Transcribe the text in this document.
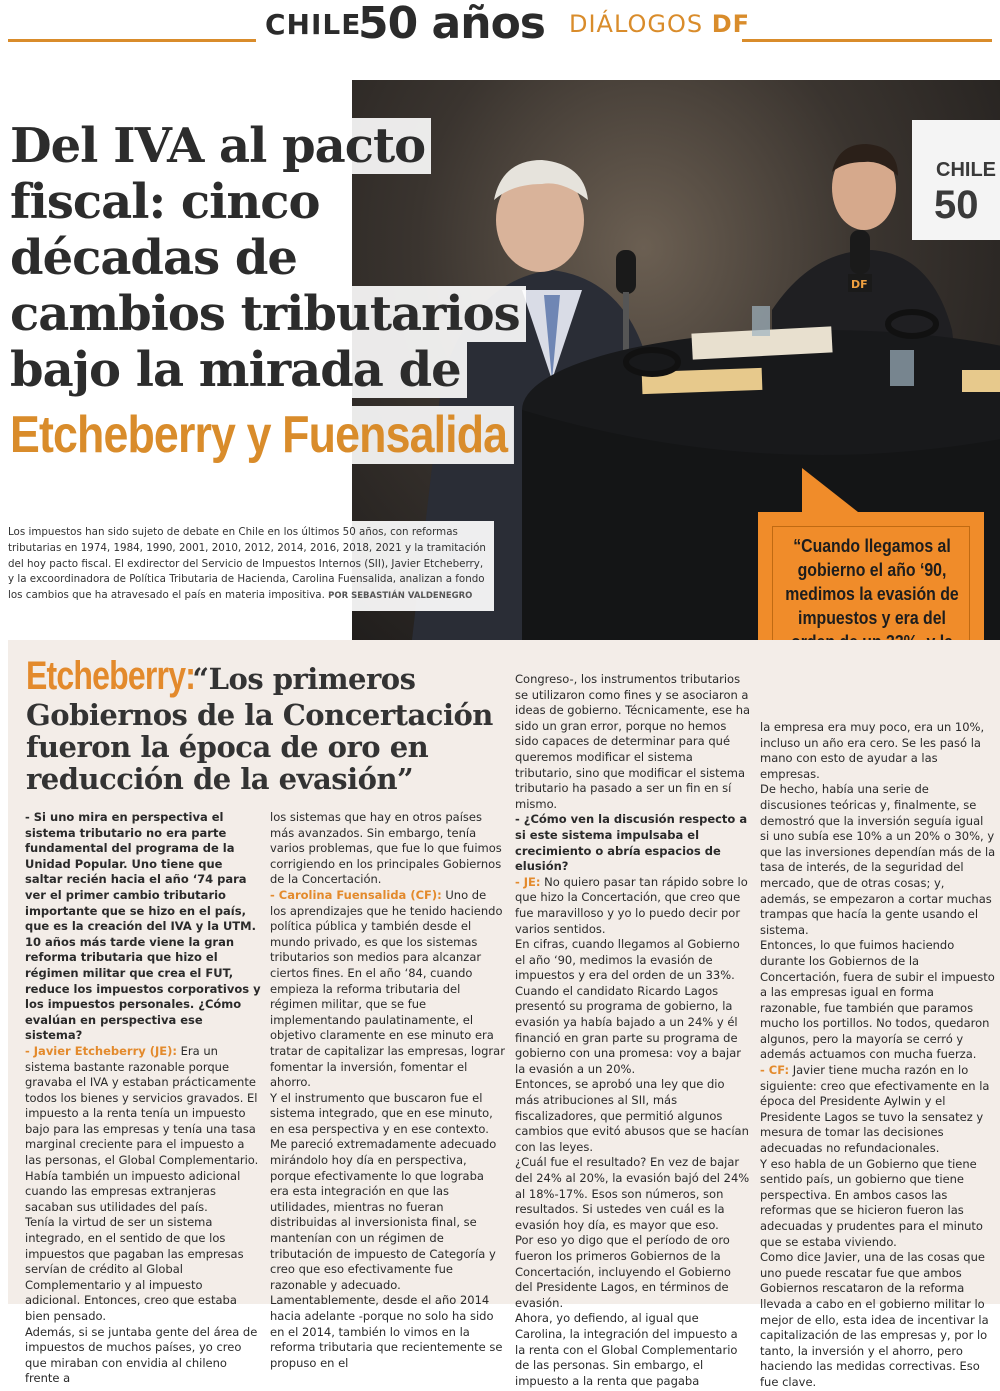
CHILE
50 años DIÁLOGOS DF
CHILE
50
DF
Del IVA al pacto
fiscal: cinco
décadas de
cambios tributarios
bajo la mirada de
Etcheberry y Fuensalida
Los impuestos han sido sujeto de debate en Chile en los últimos 50 años, con reformas tributarias en 1974, 1984, 1990, 2001, 2010, 2012, 2014, 2016, 2018, 2021 y la tramitación del hoy pacto fiscal. El exdirector del Servicio de Impuestos Internos (SII), Javier Etcheberry, y la excoordinadora de Política Tributaria de Hacienda, Carolina Fuensalida, analizan a fondo los cambios que ha atravesado el país en materia impositiva. POR SEBASTIÁN VALDENEGRO
“Cuando llegamos al gobierno el año ‘90, medimos la evasión de impuestos y era del
Etcheberry: “Los primeros Gobiernos de la Concertación fueron la época de oro en reducción de la evasión”

- Si uno mira en perspectiva el sistema tributario no era parte fundamental del programa de la Unidad Popular. Uno tiene que saltar recién hacia el año ‘74 para ver el primer cambio tributario importante que se hizo en el país, que es la creación del IVA y la UTM. 10 años más tarde viene la gran reforma tributaria que hizo el régimen militar que crea el FUT, reduce los impuestos corporativos y los impuestos personales. ¿Cómo evalúan en perspectiva ese sistema?

- Javier Etcheberry (JE): Era un sistema bastante razonable porque gravaba el IVA y estaban prácticamente todos los bienes y servicios gravados. El impuesto a la renta tenía un impuesto bajo para las empresas y tenía una tasa marginal creciente para el impuesto a las personas, el Global Complementario. Había también un impuesto adicional cuando las empresas extranjeras sacaban sus utilidades del país.

Tenía la virtud de ser un sistema integrado, en el sentido de que los impuestos que pagaban las empresas servían de crédito al Global Complementario y al impuesto adicional. Entonces, creo que estaba bien pensado.

Además, si se juntaba gente del área de impuestos de muchos países, yo creo que miraban con envidia al chileno frente a

los sistemas que hay en otros países más avanzados. Sin embargo, tenía varios problemas, que fue lo que fuimos corrigiendo en los principales Gobiernos de la Concertación.

- Carolina Fuensalida (CF): Uno de los aprendizajes que he tenido haciendo política pública y también desde el mundo privado, es que los sistemas tributarios son medios para alcanzar ciertos fines. En el año ‘84, cuando empieza la reforma tributaria del régimen militar, que se fue implementando paulatinamente, el objetivo claramente en ese minuto era tratar de capitalizar las empresas, lograr fomentar la inversión, fomentar el ahorro.

Y el instrumento que buscaron fue el sistema integrado, que en ese minuto, en esa perspectiva y en ese contexto. Me pareció extremadamente adecuado mirándolo hoy día en perspectiva, porque efectivamente lo que lograba era esta integración en que las utilidades, mientras no fueran distribuidas al inversionista final, se mantenían con un régimen de tributación de impuesto de Categoría y creo que eso efectivamente fue razonable y adecuado.

Lamentablemente, desde el año 2014 hacia adelante -porque no solo ha sido en el 2014, también lo vimos en la reforma tributaria que recientemente se propuso en el

Congreso-, los instrumentos tributarios se utilizaron como fines y se asociaron a ideas de gobierno. Técnicamente, ese ha sido un gran error, porque no hemos sido capaces de determinar para qué queremos modificar el sistema tributario, sino que modificar el sistema tributario ha pasado a ser un fin en sí mismo.

- ¿Cómo ven la discusión respecto a si este sistema impulsaba el crecimiento o abría espacios de elusión?

- JE: No quiero pasar tan rápido sobre lo que hizo la Concertación, que creo que fue maravilloso y yo lo puedo decir por varios sentidos.

En cifras, cuando llegamos al Gobierno el año ‘90, medimos la evasión de impuestos y era del orden de un 33%. Cuando el candidato Ricardo Lagos presentó su programa de gobierno, la evasión ya había bajado a un 24% y él financió en gran parte su programa de gobierno con una promesa: voy a bajar la evasión a un 20%.

Entonces, se aprobó una ley que dio más atribuciones al SII, más fiscalizadores, que permitió algunos cambios que evitó abusos que se hacían con las leyes.

¿Cuál fue el resultado? En vez de bajar del 24% al 20%, la evasión bajó del 24% al 18%-17%. Esos son números, son resultados. Si ustedes ven cuál es la evasión hoy día, es mayor que eso.

Por eso yo digo que el período de oro fueron los primeros Gobiernos de la Concertación, incluyendo el Gobierno del Presidente Lagos, en términos de evasión.

Ahora, yo defiendo, al igual que Carolina, la integración del impuesto a la renta con el Global Complementario de las personas. Sin embargo, el impuesto a la renta que pagaba

la empresa era muy poco, era un 10%, incluso un año era cero. Se les pasó la mano con esto de ayudar a las empresas.

De hecho, había una serie de discusiones teóricas y, finalmente, se demostró que la inversión seguía igual si uno subía ese 10% a un 20% o 30%, y que las inversiones dependían más de la tasa de interés, de la seguridad del mercado, que de otras cosas; y, además, se empezaron a cortar muchas trampas que hacía la gente usando el sistema.

Entonces, lo que fuimos haciendo durante los Gobiernos de la Concertación, fuera de subir el impuesto a las empresas igual en forma razonable, fue también que paramos mucho los portillos. No todos, quedaron algunos, pero la mayoría se cerró y además actuamos con mucha fuerza.

- CF: Javier tiene mucha razón en lo siguiente: creo que efectivamente en la época del Presidente Aylwin y el Presidente Lagos se tuvo la sensatez y mesura de tomar las decisiones adecuadas no refundacionales.

Y eso habla de un Gobierno que tiene sentido país, un gobierno que tiene perspectiva. En ambos casos las reformas que se hicieron fueron las adecuadas y prudentes para el minuto que se estaba viviendo.

Como dice Javier, una de las cosas que uno puede rescatar fue que ambos Gobiernos rescataron de la reforma llevada a cabo en el gobierno militar lo mejor de ello, esta idea de incentivar la capitalización de las empresas y, por lo tanto, la inversión y el ahorro, pero haciendo las medidas correctivas. Eso fue clave.
